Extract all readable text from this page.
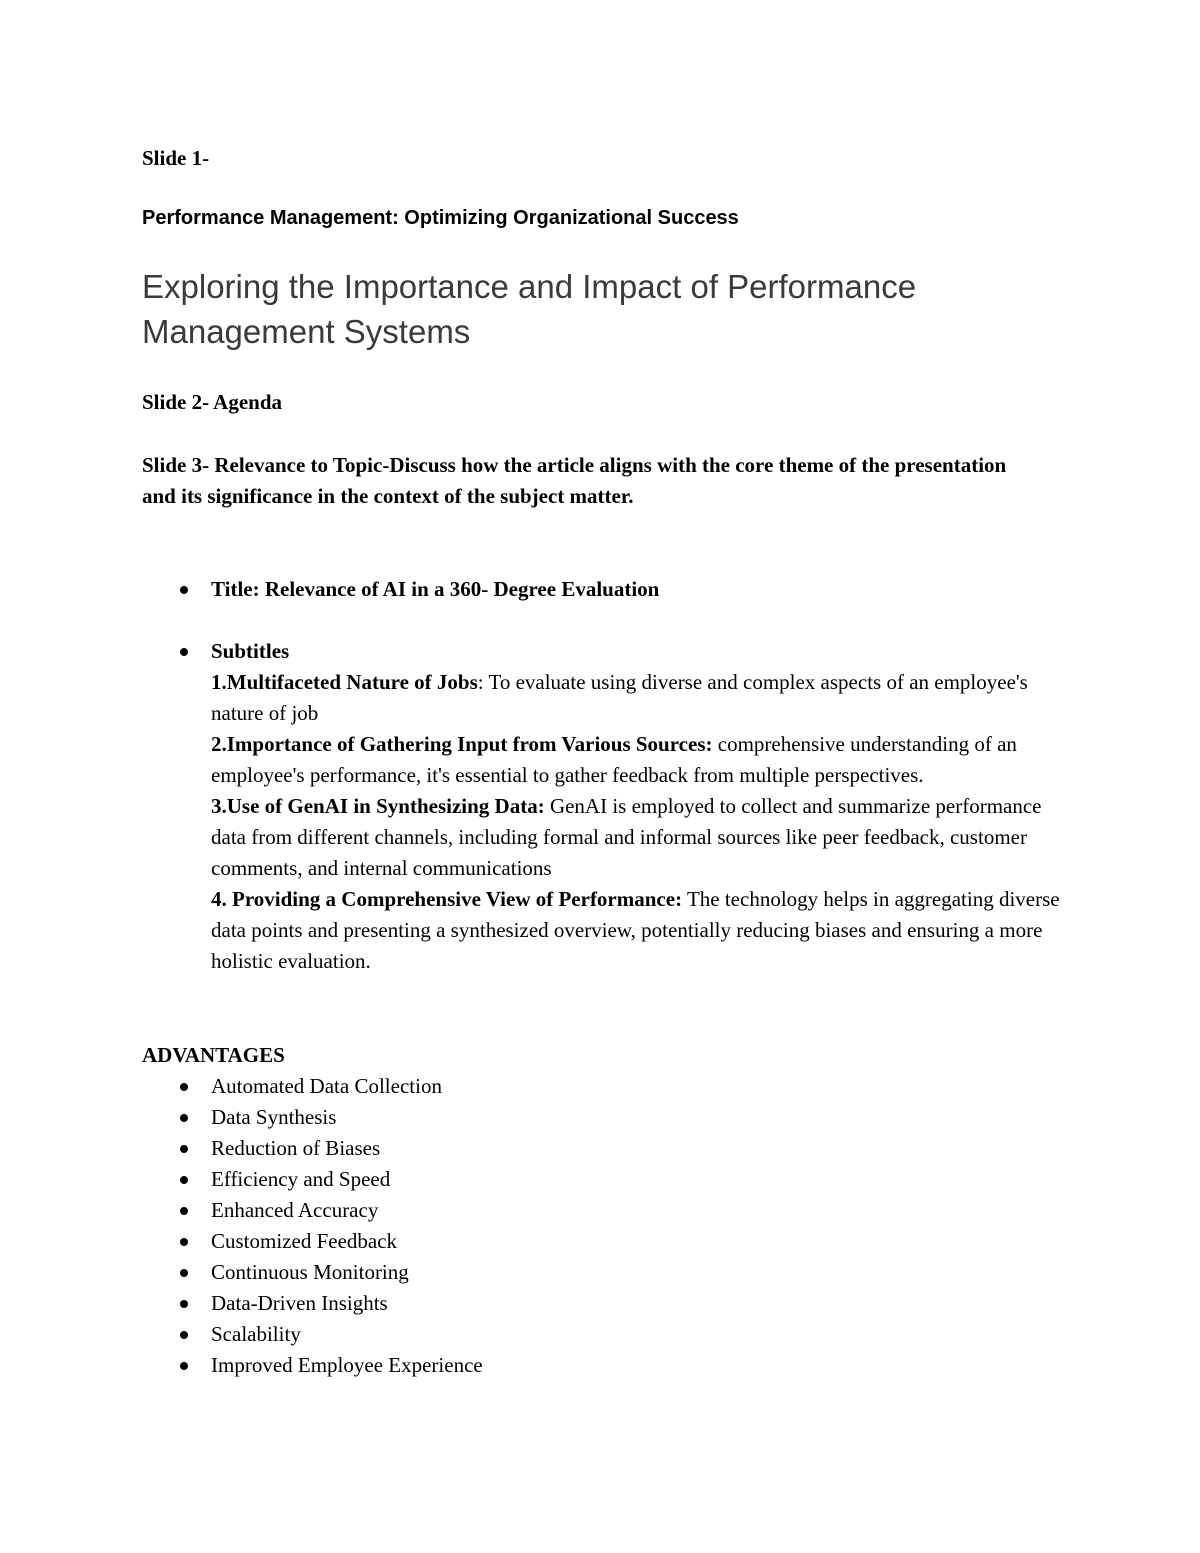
Slide 1-
Performance Management: Optimizing Organizational Success
Exploring the Importance and Impact of Performance Management Systems
Slide 2- Agenda
Slide 3- Relevance to Topic-Discuss how the article aligns with the core theme of the presentation and its significance in the context of the subject matter.
Title: Relevance of AI in a 360- Degree Evaluation
Subtitles
1.Multifaceted Nature of Jobs: To evaluate using diverse and complex aspects of an employee's nature of job
2.Importance of Gathering Input from Various Sources: comprehensive understanding of an employee's performance, it's essential to gather feedback from multiple perspectives.
3.Use of GenAI in Synthesizing Data: GenAI is employed to collect and summarize performance data from different channels, including formal and informal sources like peer feedback, customer comments, and internal communications
4. Providing a Comprehensive View of Performance: The technology helps in aggregating diverse data points and presenting a synthesized overview, potentially reducing biases and ensuring a more holistic evaluation.
ADVANTAGES
Automated Data Collection
Data Synthesis
Reduction of Biases
Efficiency and Speed
Enhanced Accuracy
Customized Feedback
Continuous Monitoring
Data-Driven Insights
Scalability
Improved Employee Experience
